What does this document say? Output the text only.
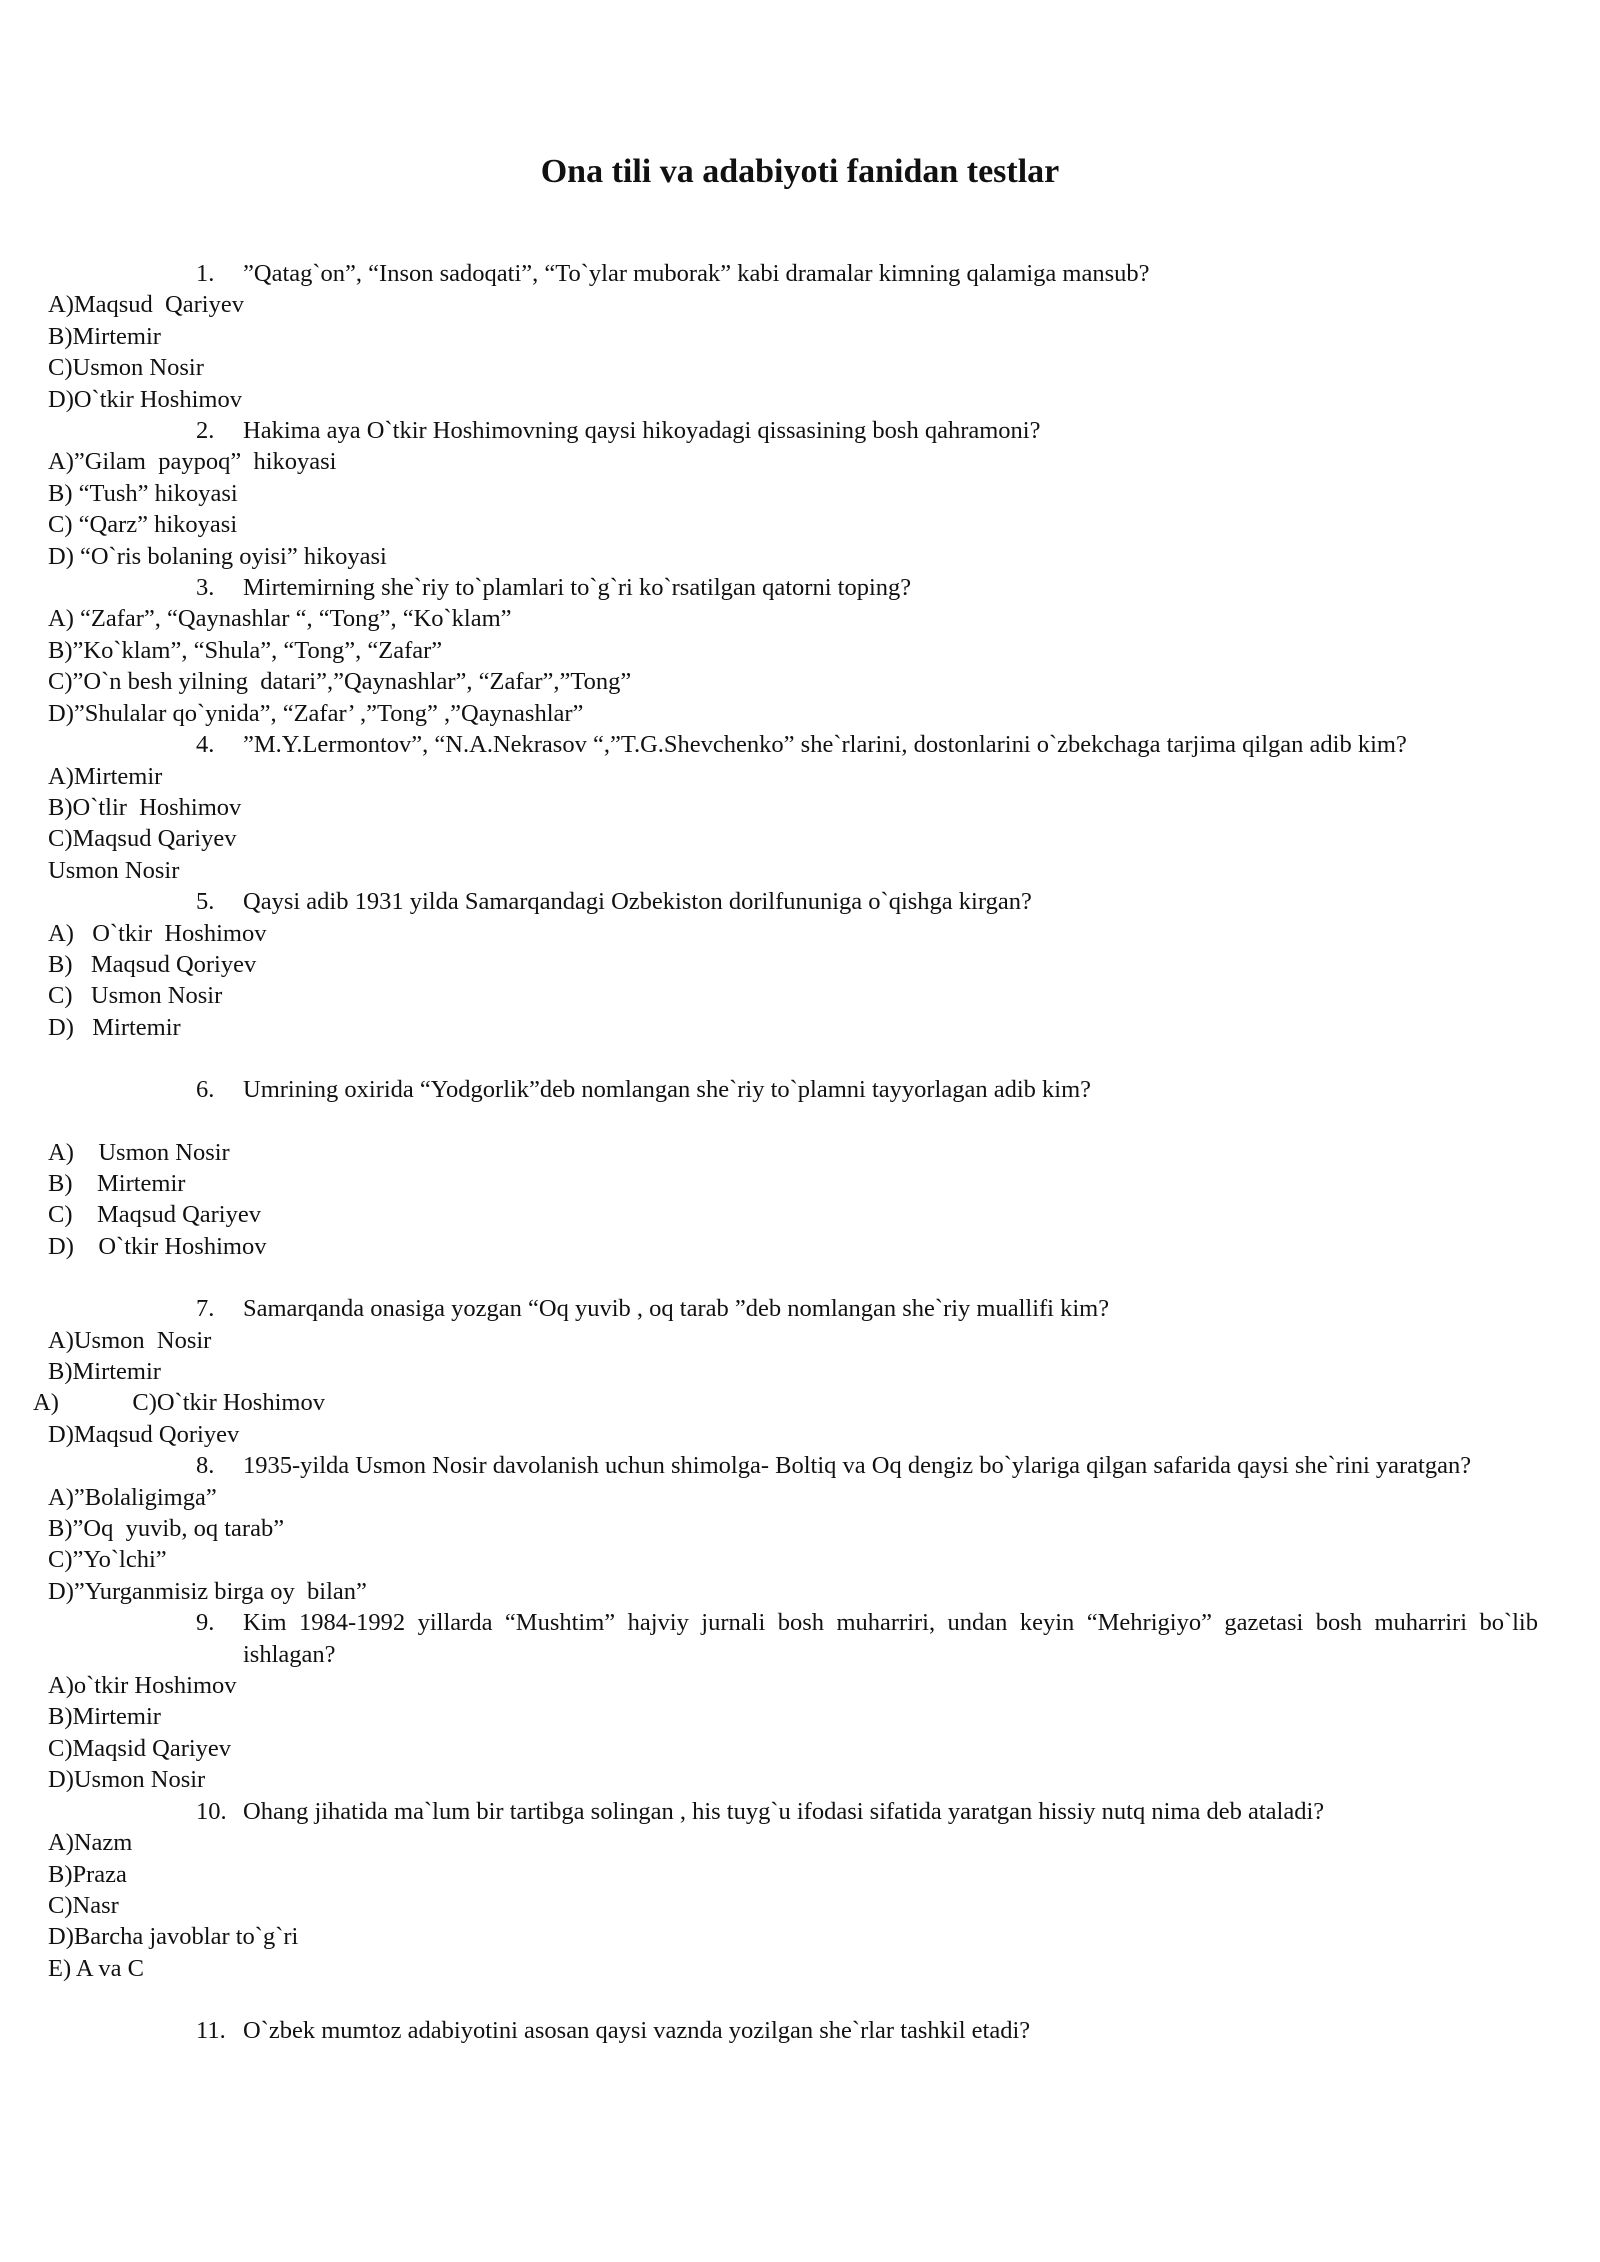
Ona tili va adabiyoti fanidan testlar
1. ”Qatag`on”, “Inson sadoqati”, “To`ylar muborak” kabi dramalar kimning qalamiga mansub?
A)Maqsud  Qariyev
B)Mirtemir
C)Usmon Nosir
D)O`tkir Hoshimov
2. Hakima aya O`tkir Hoshimovning qaysi hikoyadagi qissasining bosh qahramoni?
A)”Gilam  paypoq”  hikoyasi
B) “Tush” hikoyasi
C) “Qarz” hikoyasi
D) “O`ris bolaning oyisi” hikoyasi
3. Mirtemirning she`riy to`plamlari to`g`ri ko`rsatilgan qatorni toping?
A) “Zafar”, “Qaynashlar “, “Tong”, “Ko`klam”
B)”Ko`klam”, “Shula”, “Tong”, “Zafar”
C)”O`n besh yilning  datari”,”Qaynashlar”, “Zafar”,”Tong”
D)”Shulalar qo`ynida”, “Zafar’ ,”Tong” ,”Qaynashlar”
4. ”M.Y.Lermontov”, “N.A.Nekrasov “,”T.G.Shevchenko” she`rlarini, dostonlarini o`zbekchaga tarjima qilgan adib kim?
A)Mirtemir
B)O`tlir  Hoshimov
C)Maqsud Qariyev
Usmon Nosir
5. Qaysi adib 1931 yilda Samarqandagi Ozbekiston dorilfununiga o`qishga kirgan?
A)   O`tkir  Hoshimov
B)   Maqsud Qoriyev
C)   Usmon Nosir
D)   Mirtemir
6. Umrining oxirida “Yodgorlik”deb nomlangan she`riy to`plamni tayyorlagan adib kim?
A)    Usmon Nosir
B)    Mirtemir
C)    Maqsud Qariyev
D)    O`tkir Hoshimov
7. Samarqanda onasiga yozgan “Oq yuvib , oq tarab ”deb nomlangan she`riy muallifi kim?
A)Usmon  Nosir
B)Mirtemir
A)            C)O`tkir Hoshimov
D)Maqsud Qoriyev
8. 1935-yilda Usmon Nosir davolanish uchun shimolga- Boltiq va Oq dengiz bo`ylariga qilgan safarida qaysi she`rini yaratgan?
A)”Bolaligimga”
B)”Oq  yuvib, oq tarab”
C)”Yo`lchi”
D)”Yurganmisiz birga oy  bilan”
9. Kim 1984-1992 yillarda “Mushtim” hajviy jurnali bosh muharriri, undan keyin “Mehrigiyo” gazetasi bosh muharriri bo`lib ishlagan?
A)o`tkir Hoshimov
B)Mirtemir
C)Maqsid Qariyev
D)Usmon Nosir
10. Ohang jihatida ma`lum bir tartibga solingan , his tuyg`u ifodasi sifatida yaratgan hissiy nutq nima deb ataladi?
A)Nazm
B)Praza
C)Nasr
D)Barcha javoblar to`g`ri
E) A va C
11. O`zbek mumtoz adabiyotini asosan qaysi vaznda yozilgan she`rlar tashkil etadi?
